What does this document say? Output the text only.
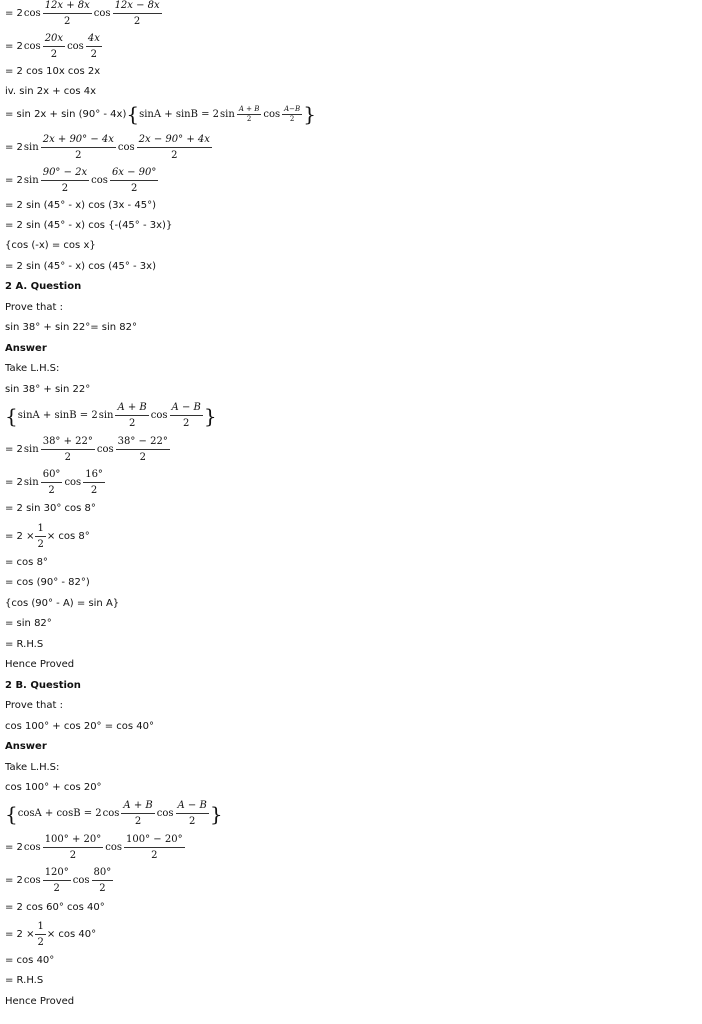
= 2 $\cos \frac{12x + 8x}{2}$ $\cos \frac{12x - 8x}{2}$
= 2 $\cos \frac{20x}{2}$ $\cos \frac{4x}{2}$
= 2 cos 10x cos 2x
iv. sin 2x + cos 4x
= sin 2x + sin (90° - 4x) { sinA + sinB = 2 $\sin \frac{A + B}{2}$ $\cos \frac{A-B}{2}$ }
= 2 $\sin \frac{2x + 90^\circ - 4x}{2}$ $\cos \frac{2x - 90^\circ + 4x}{2}$
= 2 $\sin \frac{90^\circ - 2x}{2}$ $\cos \frac{6x - 90^\circ}{2}$
= 2 sin (45° - x) cos (3x - 45°)
= 2 sin (45° - x) cos {-(45° - 3x)}
{cos (-x) = cos x}
= 2 sin (45° - x) cos (45° - 3x)
2 A. Question
Prove that :
sin 38° + sin 22°= sin 82°
Answer
Take L.H.S:
sin 38° + sin 22°
{ sinA + sinB = 2 $\sin \frac{A + B}{2}$ $\cos \frac{A - B}{2}$ }
= 2 $\sin \frac{38^\circ + 22^\circ}{2}$ $\cos \frac{38^\circ - 22^\circ}{2}$
= 2 $\sin \frac{60^\circ}{2}$ $\cos \frac{16^\circ}{2}$
= 2 sin 30° cos 8°
= $2 \times \frac{1}{2} \times \cos 8^\circ$
= cos 8°
= cos (90° - 82°)
{cos (90° - A) = sin A}
= sin 82°
= R.H.S
Hence Proved
2 B. Question
Prove that :
cos 100° + cos 20° = cos 40°
Answer
Take L.H.S:
cos 100° + cos 20°
{ cosA + cosB = 2 $\cos \frac{A + B}{2}$ $\cos \frac{A - B}{2}$ }
= 2 $\cos \frac{100^\circ + 20^\circ}{2}$ $\cos \frac{100^\circ - 20^\circ}{2}$
= 2 $\cos \frac{120^\circ}{2}$ $\cos \frac{80^\circ}{2}$
= 2 cos 60° cos 40°
= $2 \times \frac{1}{2} \times \cos 40^\circ$
= cos 40°
= R.H.S
Hence Proved
